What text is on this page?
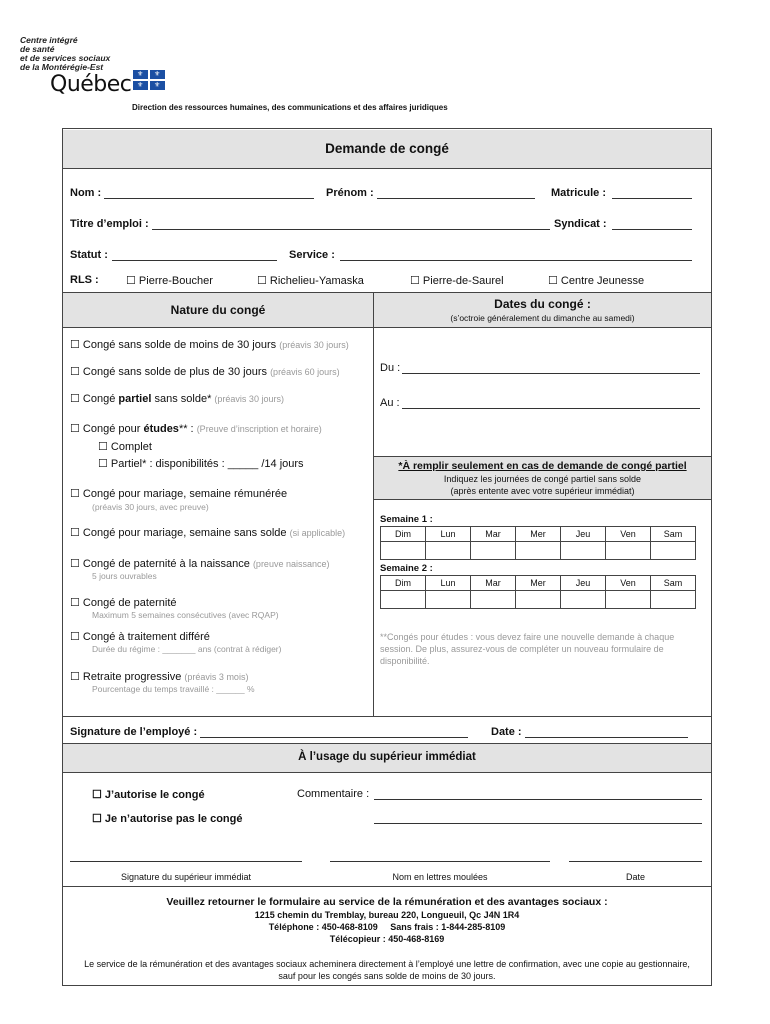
Centre intégré
de santé
et de services sociaux
de la Montérégie-Est
Québec ⚜ ⚜
⚜ ⚜
Direction des ressources humaines, des communications et des affaires juridiques
Demande de congé
Nom :	Prénom :	Matricule :
Titre d’emploi :	Syndicat :
Statut :	Service :
RLS : ☐ Pierre-Boucher	☐ Richelieu-Yamaska	☐ Pierre-de-Saurel	☐ Centre Jeunesse
Nature du congé	Dates du congé :
(s’octroie généralement du dimanche au samedi)
☐ Congé sans solde de moins de 30 jours (préavis 30 jours)
☐ Congé sans solde de plus de 30 jours (préavis 60 jours)
☐ Congé partiel sans solde* (préavis 30 jours)
☐ Congé pour études** : (Preuve d’inscription et horaire)
☐ Complet
☐ Partiel* : disponibilités : _____ /14 jours
☐ Congé pour mariage, semaine rémunérée
(préavis 30 jours, avec preuve)
☐ Congé pour mariage, semaine sans solde (si applicable)
☐ Congé de paternité à la naissance (preuve naissance)
5 jours ouvrables
☐ Congé de paternité
Maximum 5 semaines consécutives (avec RQAP)
☐ Congé à traitement différé
Durée du régime : _______ ans (contrat à rédiger)
☐ Retraite progressive (préavis 3 mois)
Pourcentage du temps travaillé : ______ %
Du :
Au :
*À remplir seulement en cas de demande de congé partiel
Indiquez les journées de congé partiel sans solde
(après entente avec votre supérieur immédiat)
Semaine 1 :
Dim	Lun	Mar	Mer	Jeu	Ven	Sam

Semaine 2 :
Dim	Lun	Mar	Mer	Jeu	Ven	Sam

**Congés pour études : vous devez faire une nouvelle demande à chaque session. De plus, assurez-vous de compléter un nouveau formulaire de disponibilité.
Signature de l’employé :	Date :
À l’usage du supérieur immédiat
☐ J’autorise le congé
☐ Je n’autorise pas le congé
Commentaire :
Signature du supérieur immédiat	Nom en lettres moulées	Date
Veuillez retourner le formulaire au service de la rémunération et des avantages sociaux :
1215 chemin du Tremblay, bureau 220, Longueuil, Qc J4N 1R4
Téléphone : 450-468-8109     Sans frais : 1-844-285-8109
Télécopieur : 450-468-8169
Le service de la rémunération et des avantages sociaux acheminera directement à l’employé une lettre de confirmation, avec une copie au gestionnaire, sauf pour les congés sans solde de moins de 30 jours.
